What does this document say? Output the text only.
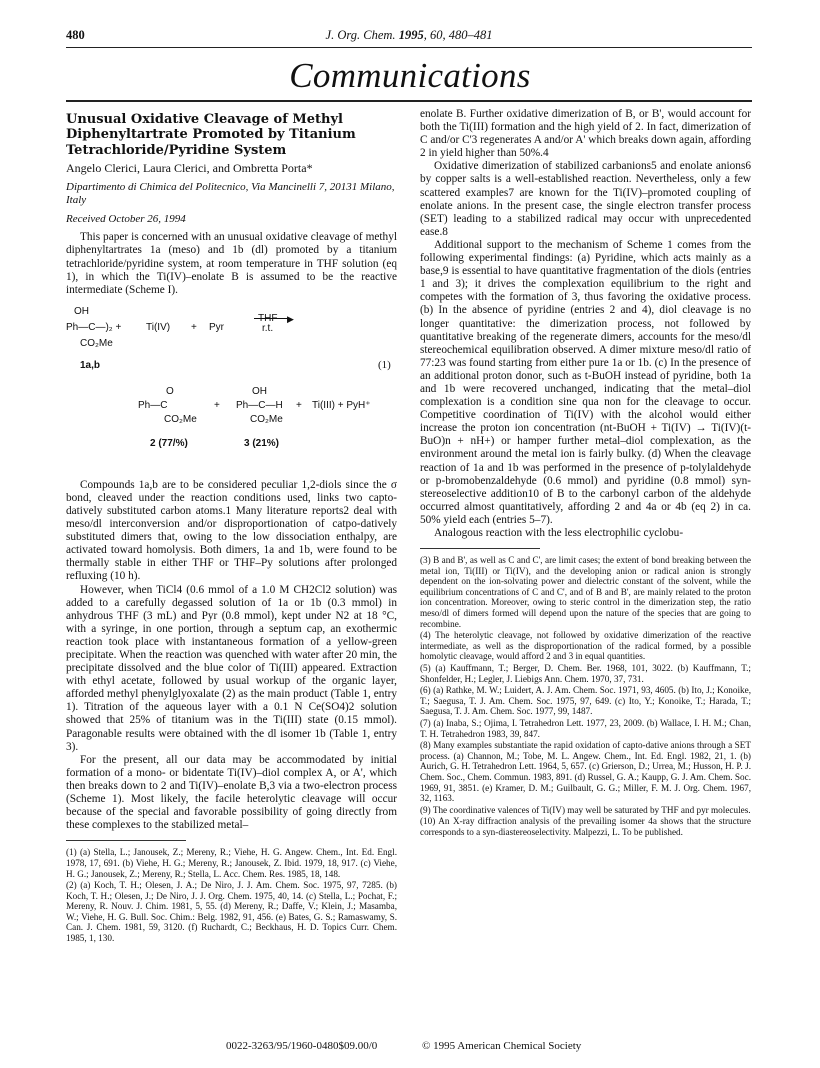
480	J. Org. Chem. 1995, 60, 480–481
Communications
Unusual Oxidative Cleavage of Methyl Diphenyltartrate Promoted by Titanium Tetrachloride/Pyridine System
Angelo Clerici, Laura Clerici, and Ombretta Porta*
Dipartimento di Chimica del Politecnico, Via Mancinelli 7, 20131 Milano, Italy
Received October 26, 1994

This paper is concerned with an unusual oxidative cleavage of methyl diphenyltartrates 1a (meso) and 1b (dl) promoted by a titanium tetrachloride/pyridine system, at room temperature in THF solution (eq 1), in which the Ti(IV)–enolate B is assumed to be the reactive intermediate (Scheme I).

OH
Ph—C—)₂ + Ti(IV) + Pyr
THF ▶
r.t.
CO₂Me
1a,b	(1)
O
Ph—C
CO₂Me
+
OH
Ph—C—H
CO₂Me
+ Ti(III) + PyH⁺
2 (77/%)	3 (21%)

Compounds 1a,b are to be considered peculiar 1,2-diols since the σ bond, cleaved under the reaction conditions used, links two capto-datively substituted carbon atoms.1 Many literature reports2 deal with meso/dl interconversion and/or disproportionation of catpo-datively substituted dimers that, owing to the low dissociation enthalpy, are activated toward homolysis. Both dimers, 1a and 1b, were found to be thermally stable in either THF or THF–Py solutions after prolonged refluxing (10 h).

However, when TiCl4 (0.6 mmol of a 1.0 M CH2Cl2 solution) was added to a carefully degassed solution of 1a or 1b (0.3 mmol) in anhydrous THF (3 mL) and Pyr (0.8 mmol), kept under N2 at 18 °C, with a syringe, in one portion, through a septum cap, an exothermic reaction took place with instantaneous formation of a yellow-green precipitate. When the reaction was quenched with water after 20 min, the precipitate dissolved and the blue color of Ti(III) appeared. Extraction with ethyl acetate, followed by usual workup of the organic layer, afforded methyl phenylglyoxalate (2) as the main product (Table 1, entry 1). Titration of the aqueous layer with a 0.1 N Ce(SO4)2 solution showed that 25% of titanium was in the Ti(III) state (0.15 mmol). Paragonable results were obtained with the dl isomer 1b (Table 1, entry 3).

For the present, all our data may be accommodated by initial formation of a mono- or bidentate Ti(IV)–diol complex A, or A', which then breaks down to 2 and Ti(IV)–enolate B,3 via a two-electron process (Scheme 1). Most likely, the facile heterolytic cleavage will occur because of the special and favorable possibility of going directly from these complexes to the stabilized metal–

(1) (a) Stella, L.; Janousek, Z.; Mereny, R.; Viehe, H. G. Angew. Chem., Int. Ed. Engl. 1978, 17, 691. (b) Viehe, H. G.; Mereny, R.; Janousek, Z. Ibid. 1979, 18, 917. (c) Viehe, H. G.; Janousek, Z.; Mereny, R.; Stella, L. Acc. Chem. Res. 1985, 18, 148.
(2) (a) Koch, T. H.; Olesen, J. A.; De Niro, J. J. Am. Chem. Soc. 1975, 97, 7285. (b) Koch, T. H.; Olesen, J.; De Niro, J. J. Org. Chem. 1975, 40, 14. (c) Stella, L.; Pochat, F.; Mereny, R. Nouv. J. Chim. 1981, 5, 55. (d) Mereny, R.; Daffe, V.; Klein, J.; Masamba, W.; Viehe, H. G. Bull. Soc. Chim.: Belg. 1982, 91, 456. (e) Bates, G. S.; Ramaswamy, S. Can. J. Chem. 1981, 59, 3120. (f) Ruchardt, C.; Beckhaus, H. D. Topics Curr. Chem. 1985, 1, 130.

enolate B. Further oxidative dimerization of B, or B', would account for both the Ti(III) formation and the high yield of 2. In fact, dimerization of C and/or C'3 regenerates A and/or A' which breaks down again, affording 2 in yield higher than 50%.4

Oxidative dimerization of stabilized carbanions5 and enolate anions6 by copper salts is a well-established reaction. Nevertheless, only a few scattered examples7 are known for the Ti(IV)–promoted coupling of enolate anions. In the present case, the single electron transfer process (SET) leading to a stabilized radical may occur with unprecedented ease.8

Additional support to the mechanism of Scheme 1 comes from the following experimental findings: (a) Pyridine, which acts mainly as a base,9 is essential to have quantitative fragmentation of the diols (entries 1 and 3); it drives the complexation equilibrium to the right and competes with the formation of 3, thus favoring the oxidative process. (b) In the absence of pyridine (entries 2 and 4), diol cleavage is no longer quantitative: the dimerization process, not followed by quantitative breaking of the regenerate dimers, accounts for the meso/dl stereochemical equilibration observed. A dimer mixture meso/dl ratio of 77:23 was found starting from either pure 1a or 1b. (c) In the presence of an additional proton donor, such as t-BuOH instead of pyridine, both 1a and 1b were recovered unchanged, indicating that the metal–diol complexation is a condition sine qua non for the cleavage to occur. Competitive coordination of Ti(IV) with the alcohol would either increase the proton ion concentration (nt-BuOH + Ti(IV) → Ti(IV)(t-BuO)n + nH+) or hamper further metal–diol complexation, as the environment around the metal ion is fairly bulky. (d) When the cleavage reaction of 1a and 1b was performed in the presence of p-tolylaldehyde or p-bromobenzaldehyde (0.6 mmol) and pyridine (0.8 mmol) syn-stereoselective addition10 of B to the carbonyl carbon of the aldehyde occurred almost quantitatively, affording 2 and 4a or 4b (eq 2) in ca. 50% yield each (entries 5–7).

Analogous reaction with the less electrophilic cyclobu-

(3) B and B', as well as C and C', are limit cases; the extent of bond breaking between the metal ion, Ti(III) or Ti(IV), and the developing anion or radical anion is strongly dependent on the ion-solvating power and dielectric constant of the solvent, while the equilibrium concentrations of C and C', and of B and B', are mainly related to the proton ion concentration. Moreover, owing to steric control in the dimerization step, the ratio meso/dl of dimers formed will depend upon the nature of the species that are going to recombine.
(4) The heterolytic cleavage, not followed by oxidative dimerization of the reactive intermediate, as well as the disproportionation of the radical formed, by a possible homolytic cleavage, would afford 2 and 3 in equal quantities.
(5) (a) Kauffmann, T.; Berger, D. Chem. Ber. 1968, 101, 3022. (b) Kauffmann, T.; Shonfelder, H.; Legler, J. Liebigs Ann. Chem. 1970, 37, 731.
(6) (a) Rathke, M. W.; Luidert, A. J. Am. Chem. Soc. 1971, 93, 4605. (b) Ito, J.; Konoike, T.; Saegusa, T. J. Am. Chem. Soc. 1975, 97, 649. (c) Ito, Y.; Konoike, T.; Harada, T.; Saegusa, T. J. Am. Chem. Soc. 1977, 99, 1487.
(7) (a) Inaba, S.; Ojima, I. Tetrahedron Lett. 1977, 23, 2009. (b) Wallace, I. H. M.; Chan, T. H. Tetrahedron 1983, 39, 847.
(8) Many examples substantiate the rapid oxidation of capto-dative anions through a SET process. (a) Channon, M.; Tobe, M. L. Angew. Chem., Int. Ed. Engl. 1982, 21, 1. (b) Aurich, G. H. Tetrahedron Lett. 1964, 5, 657. (c) Grierson, D.; Urrea, M.; Husson, H. P. J. Chem. Soc., Chem. Commun. 1983, 891. (d) Russel, G. A.; Kaupp, G. J. Am. Chem. Soc. 1969, 91, 3851. (e) Kramer, D. M.; Guilbault, G. G.; Miller, F. M. J. Org. Chem. 1967, 32, 1163.
(9) The coordinative valences of Ti(IV) may well be saturated by THF and pyr molecules.
(10) An X-ray diffraction analysis of the prevailing isomer 4a shows that the structure corresponds to a syn-diastereoselectivity. Malpezzi, L. To be published.
0022-3263/95/1960-0480$09.00/0	© 1995 American Chemical Society
